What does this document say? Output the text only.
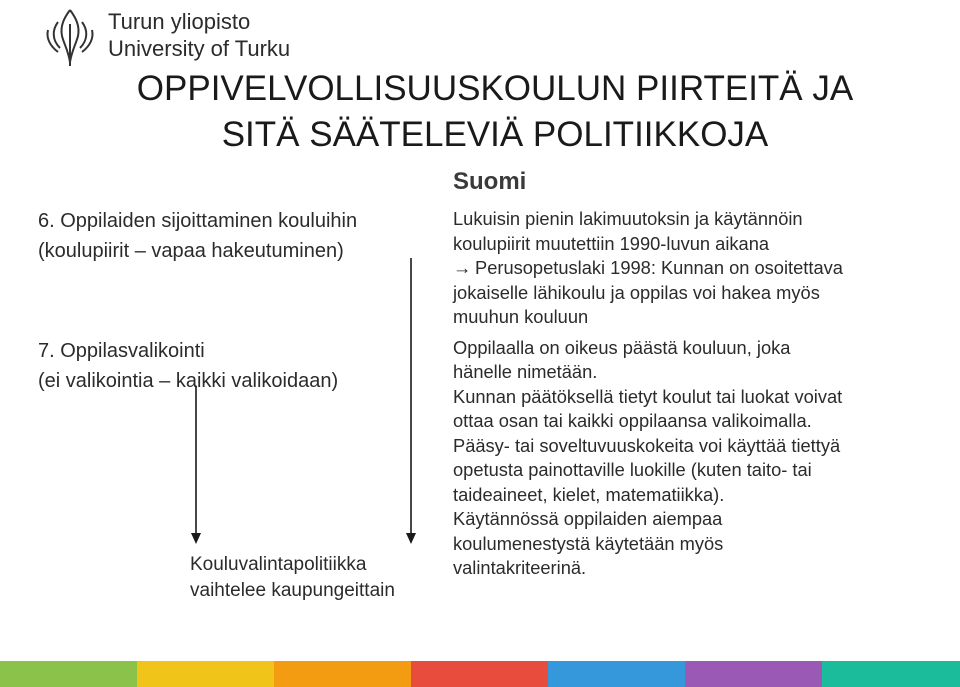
Turun yliopisto
University of Turku
OPPIVELVOLLISUUSKOULUN PIIRTEITÄ JA
SITÄ SÄÄTELEVIÄ POLITIIKKOJA
Suomi
6. Oppilaiden sijoittaminen kouluihin
(koulupiirit – vapaa hakeutuminen)
7. Oppilasvalikointi
(ei valikointia – kaikki valikoidaan)

Lukuisin pienin lakimuutoksin ja käytännöin

koulupiirit muutettiin 1990-luvun aikana

→ Perusopetuslaki 1998: Kunnan on osoitettava

jokaiselle lähikoulu ja oppilas voi hakea myös

muuhun kouluun

Oppilaalla on oikeus päästä kouluun, joka

hänelle nimetään.

Kunnan päätöksellä tietyt koulut tai luokat voivat

ottaa osan tai kaikki oppilaansa valikoimalla.

Pääsy- tai soveltuvuuskokeita voi käyttää tiettyä

opetusta painottaville luokille (kuten taito- tai

taideaineet, kielet, matematiikka).

Käytännössä oppilaiden aiempaa

koulumenestystä käytetään myös

valintakriteerinä.

Kouluvalintapolitiikka
vaihtelee kaupungeittain
